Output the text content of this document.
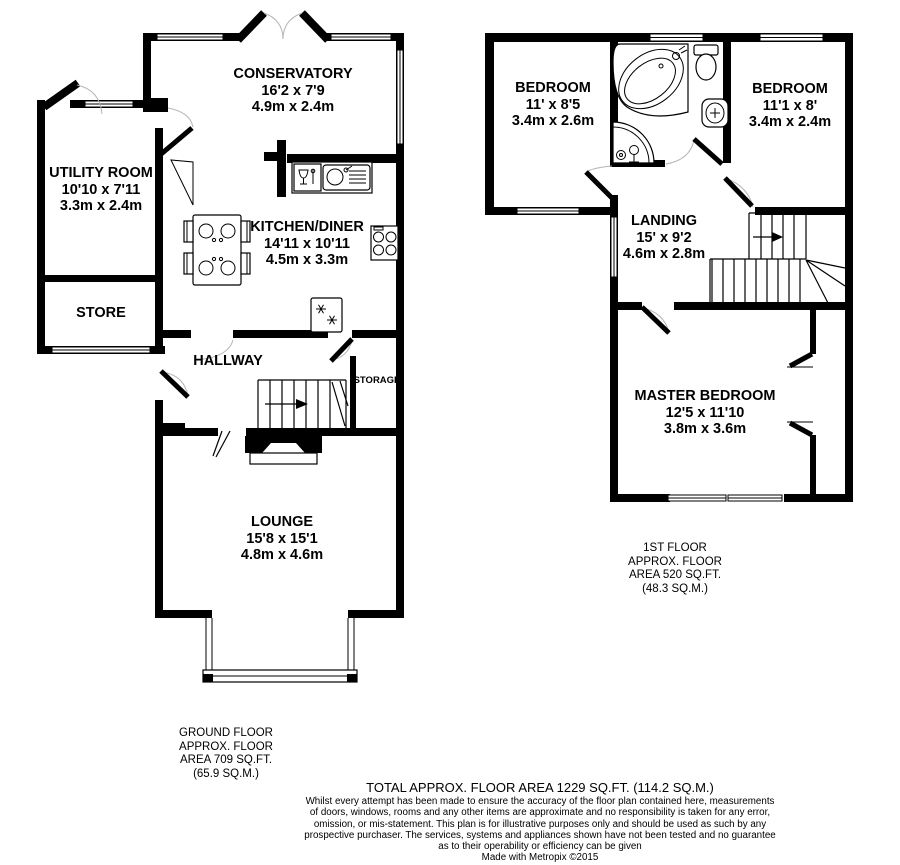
CONSERVATORY
16'2 x 7'9
4.9m x 2.4m
UTILITY ROOM
10'10 x 7'11
3.3m x 2.4m
KITCHEN/DINER
14'11 x 10'11
4.5m x 3.3m
STORE
HALLWAY
STORAGE
LOUNGE
15'8 x 15'1
4.8m x 4.6m
BEDROOM
11' x 8'5
3.4m x 2.6m
BEDROOM
11'1 x 8'
3.4m x 2.4m
LANDING
15' x 9'2
4.6m x 2.8m
MASTER BEDROOM
12'5 x 11'10
3.8m x 3.6m
GROUND FLOOR
APPROX. FLOOR
AREA 709 SQ.FT.
(65.9 SQ.M.)
1ST FLOOR
APPROX. FLOOR
AREA 520 SQ.FT.
(48.3 SQ.M.)
TOTAL APPROX. FLOOR AREA 1229 SQ.FT. (114.2 SQ.M.)
Whilst every attempt has been made to ensure the accuracy of the floor plan contained here, measurements
of doors, windows, rooms and any other items are approximate and no responsibility is taken for any error,
omission, or mis-statement. This plan is for illustrative purposes only and should be used as such by any
prospective purchaser. The services, systems and appliances shown have not been tested and no guarantee
as to their operability or efficiency can be given
Made with Metropix ©2015
